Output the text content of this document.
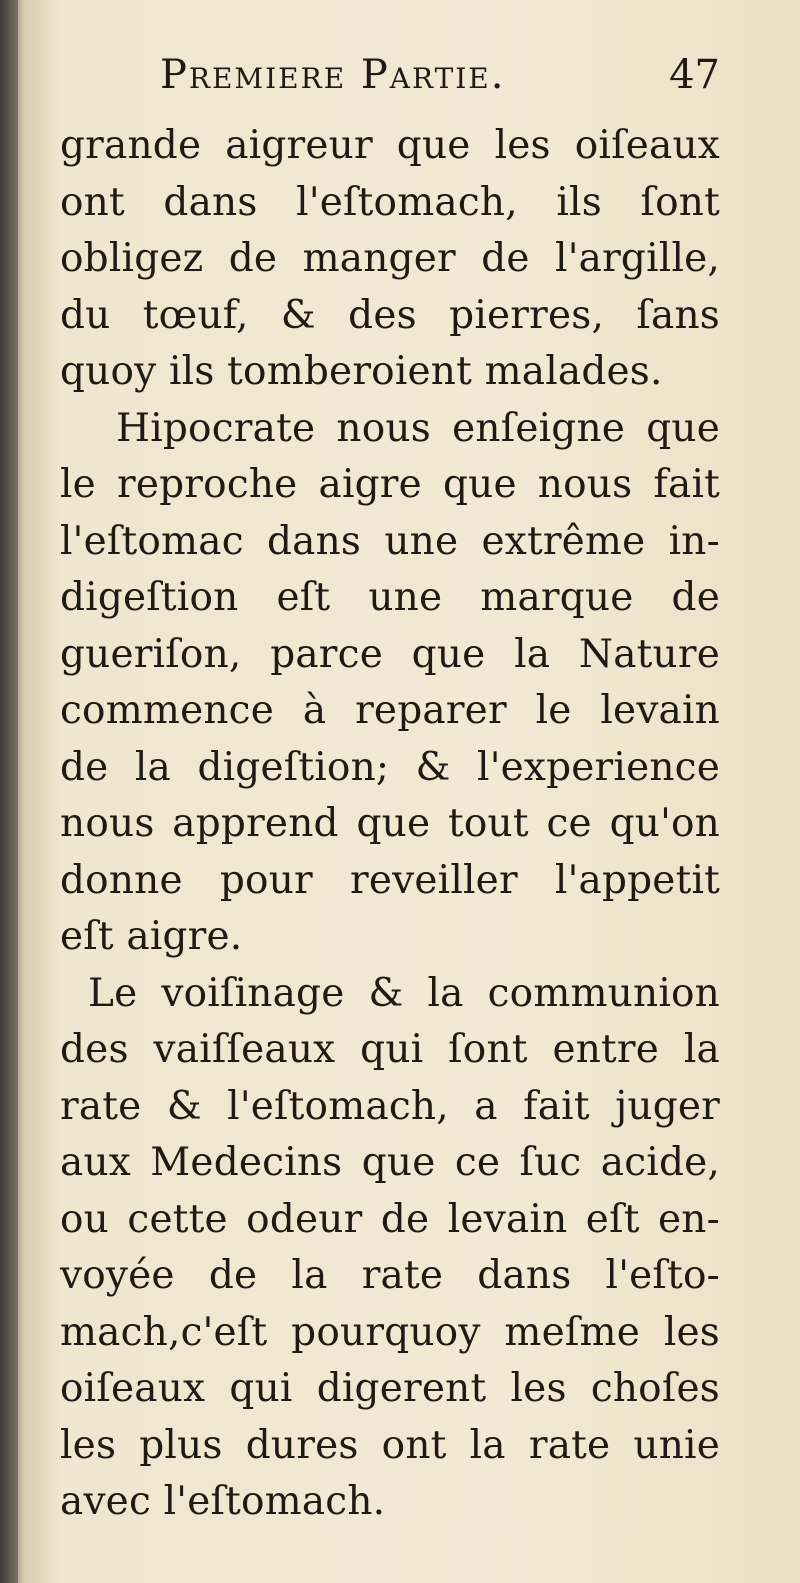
Premiere Partie.	47
grande aigreur que les oiſeaux
ont dans l'eſtomach, ils ſont
obligez de manger de l'argille,
du tœuf, & des pierres, ſans
quoy ils tomberoient malades.
Hipocrate nous enſeigne que
le reproche aigre que nous fait
l'eſtomac dans une extrême in-
digeſtion eſt une marque de
gueriſon, parce que la Nature
commence à reparer le levain
de la digeſtion; & l'experience
nous apprend que tout ce qu'on
donne pour reveiller l'appetit
eſt aigre.
Le voiſinage & la communion
des vaiſſeaux qui ſont entre la
rate & l'eſtomach, a fait juger
aux Medecins que ce ſuc acide,
ou cette odeur de levain eſt en-
voyée de la rate dans l'eſto-
mach,c'eſt pourquoy meſme les
oiſeaux qui digerent les choſes
les plus dures ont la rate unie
avec l'eſtomach.
